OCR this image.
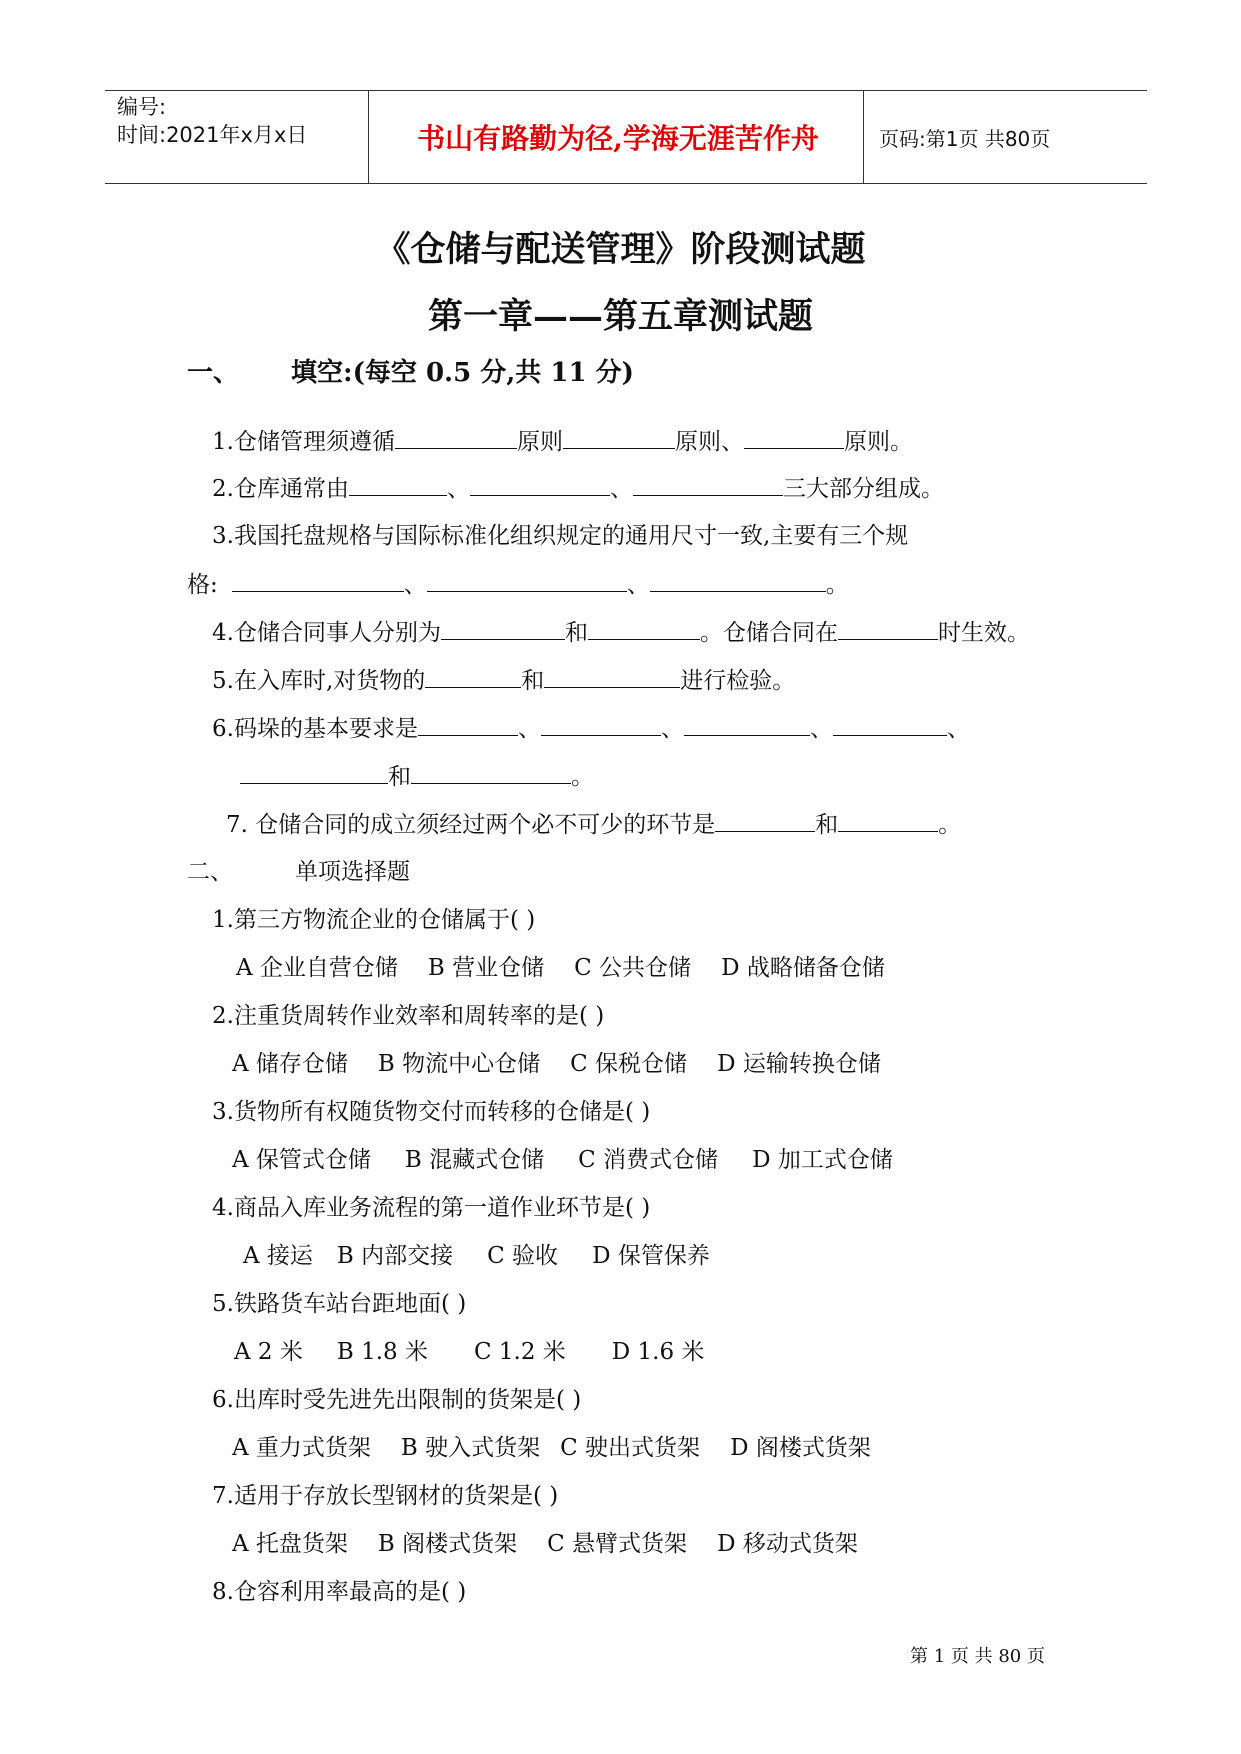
编号:
时间:2021年x月x日	书山有路勤为径,学海无涯苦作舟	页码:第1页 共80页
《仓储与配送管理》阶段测试题
第一章——第五章测试题
一、 填空:(每空 0.5 分,共 11 分)
1.仓储管理须遵循	原则	原则、	原则。
2.仓库通常由	、	、	三大部分组成。
3.我国托盘规格与国际标准化组织规定的通用尺寸一致,主要有三个规
格:	、	、	。
4.仓储合同事人分别为	和	。仓储合同在	时生效。
5.在入库时,对货物的	和	进行检验。
6.码垛的基本要求是	、	、	、	、
和	。
7. 仓储合同的成立须经过两个必不可少的环节是	和	。
二、	单项选择题
1.第三方物流企业的仓储属于( )
A 企业自营仓储 B 营业仓储 C 公共仓储 D 战略储备仓储
2.注重货周转作业效率和周转率的是( )
A 储存仓储 B 物流中心仓储 C 保税仓储 D 运输转换仓储
3.货物所有权随货物交付而转移的仓储是( )
A 保管式仓储 B 混藏式仓储 C 消费式仓储 D 加工式仓储
4.商品入库业务流程的第一道作业环节是( )
A 接运 B 内部交接 C 验收 D 保管保养
5.铁路货车站台距地面( )
A 2 米 B 1.8 米 C 1.2 米 D 1.6 米
6.出库时受先进先出限制的货架是( )
A 重力式货架 B 驶入式货架 C 驶出式货架 D 阁楼式货架
7.适用于存放长型钢材的货架是( )
A 托盘货架 B 阁楼式货架 C 悬臂式货架 D 移动式货架
8.仓容利用率最高的是( )
第 1 页 共 80 页
